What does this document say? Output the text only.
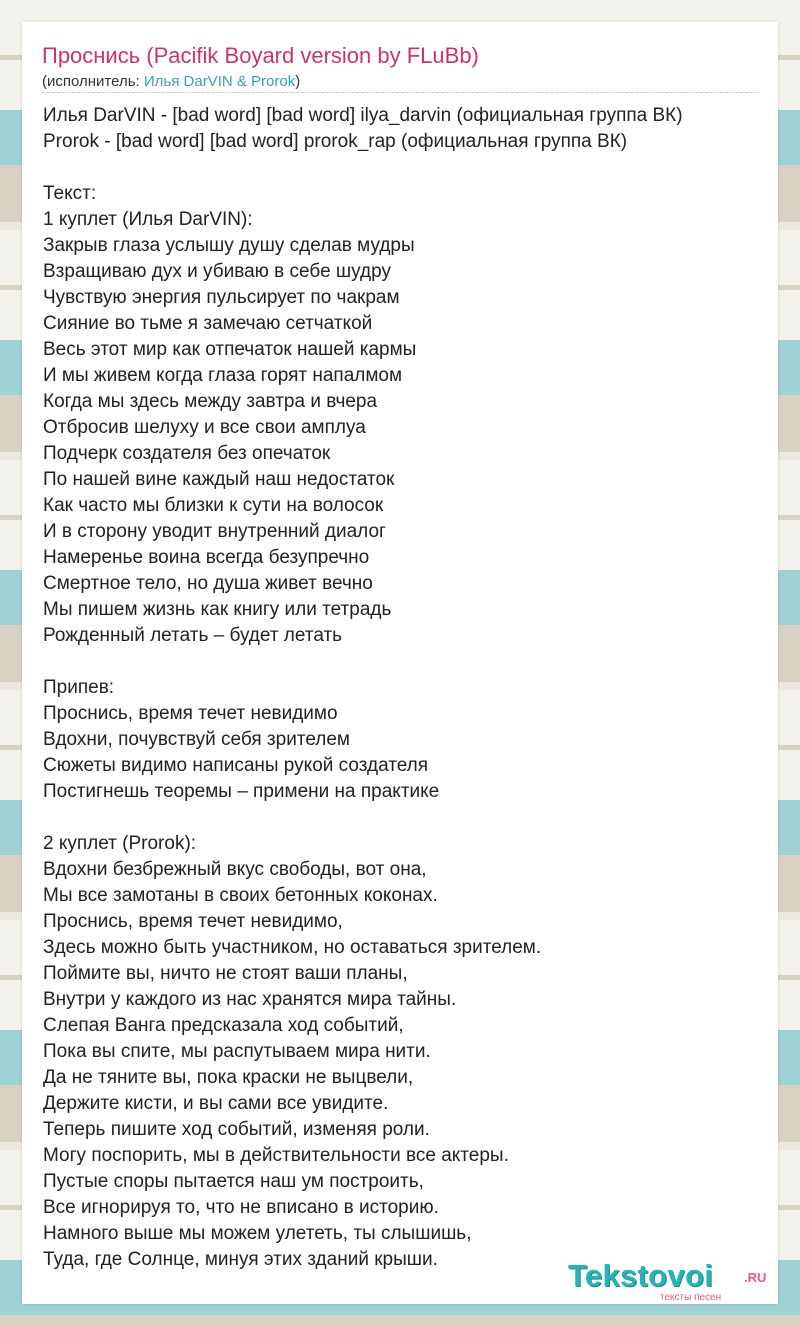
Проснись (Pacifik Boyard version by FLuBb)
(исполнитель: Илья DarVIN & Prorok)
Илья DarVIN - [bad word] [bad word] ilya_darvin (официальная группа ВК)
Prorok - [bad word] [bad word] prorok_rap (официальная группа ВК)
Текст:
1 куплет (Илья DarVIN):
Закрыв глаза услышу душу сделав мудры
Взращиваю дух и убиваю в себе шудру
Чувствую энергия пульсирует по чакрам
Сияние во тьме я замечаю сетчаткой
Весь этот мир как отпечаток нашей кармы
И мы живем когда глаза горят напалмом
Когда мы здесь между завтра и вчера
Отбросив шелуху и все свои амплуа
Подчерк создателя без опечаток
По нашей вине каждый наш недостаток
Как часто мы близки к сути на волосок
И в сторону уводит внутренний диалог
Намеренье воина всегда безупречно
Смертное тело, но душа живет вечно
Мы пишем жизнь как книгу или тетрадь
Рожденный летать – будет летать
Припев:
Проснись, время течет невидимо
Вдохни, почувствуй себя зрителем
Сюжеты видимо написаны рукой создателя
Постигнешь теоремы – примени на практике
2 куплет (Prorok):
Вдохни безбрежный вкус свободы, вот она,
Мы все замотаны в своих бетонных коконах.
Проснись, время течет невидимо,
Здесь можно быть участником, но оставаться зрителем.
Поймите вы, ничто не стоят ваши планы,
Внутри у каждого из нас хранятся мира тайны.
Слепая Ванга предсказала ход событий,
Пока вы спите, мы распутываем мира нити.
Да не тяните вы, пока краски не выцвели,
Держите кисти, и вы сами все увидите.
Теперь пишите ход событий, изменяя роли.
Могу поспорить, мы в действительности все актеры.
Пустые споры пытается наш ум построить,
Все игнорируя то, что не вписано в историю.
Намного выше мы можем улететь, ты слышишь,
Туда, где Солнце, минуя этих зданий крыши.	Tekstovoi .RU
тексты песен
